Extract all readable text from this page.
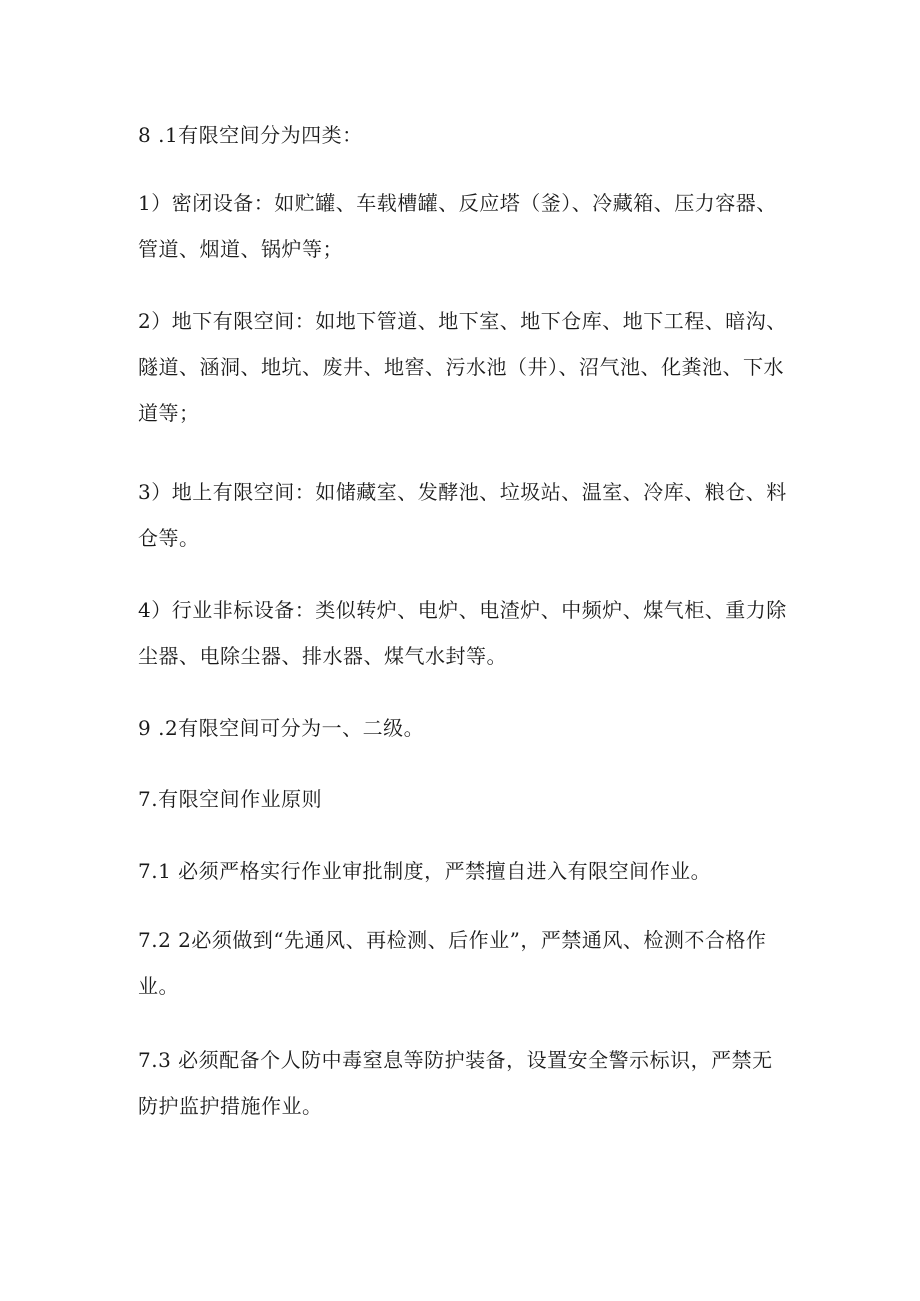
8 .1有限空间分为四类：

1）密闭设备：如贮罐、车载槽罐、反应塔（釜）、冷藏箱、压力容器、
管道、烟道、锅炉等；

2）地下有限空间：如地下管道、地下室、地下仓库、地下工程、暗沟、
隧道、涵洞、地坑、废井、地窖、污水池（井）、沼气池、化粪池、下水
道等；

3）地上有限空间：如储藏室、发酵池、垃圾站、温室、冷库、粮仓、料
仓等。

4）行业非标设备：类似转炉、电炉、电渣炉、中频炉、煤气柜、重力除
尘器、电除尘器、排水器、煤气水封等。

9 .2有限空间可分为一、二级。

7.有限空间作业原则

7.1 必须严格实行作业审批制度，严禁擅自进入有限空间作业。

7.2 2必须做到“先通风、再检测、后作业”，严禁通风、检测不合格作
业。

7.3 必须配备个人防中毒窒息等防护装备，设置安全警示标识，严禁无
防护监护措施作业。
